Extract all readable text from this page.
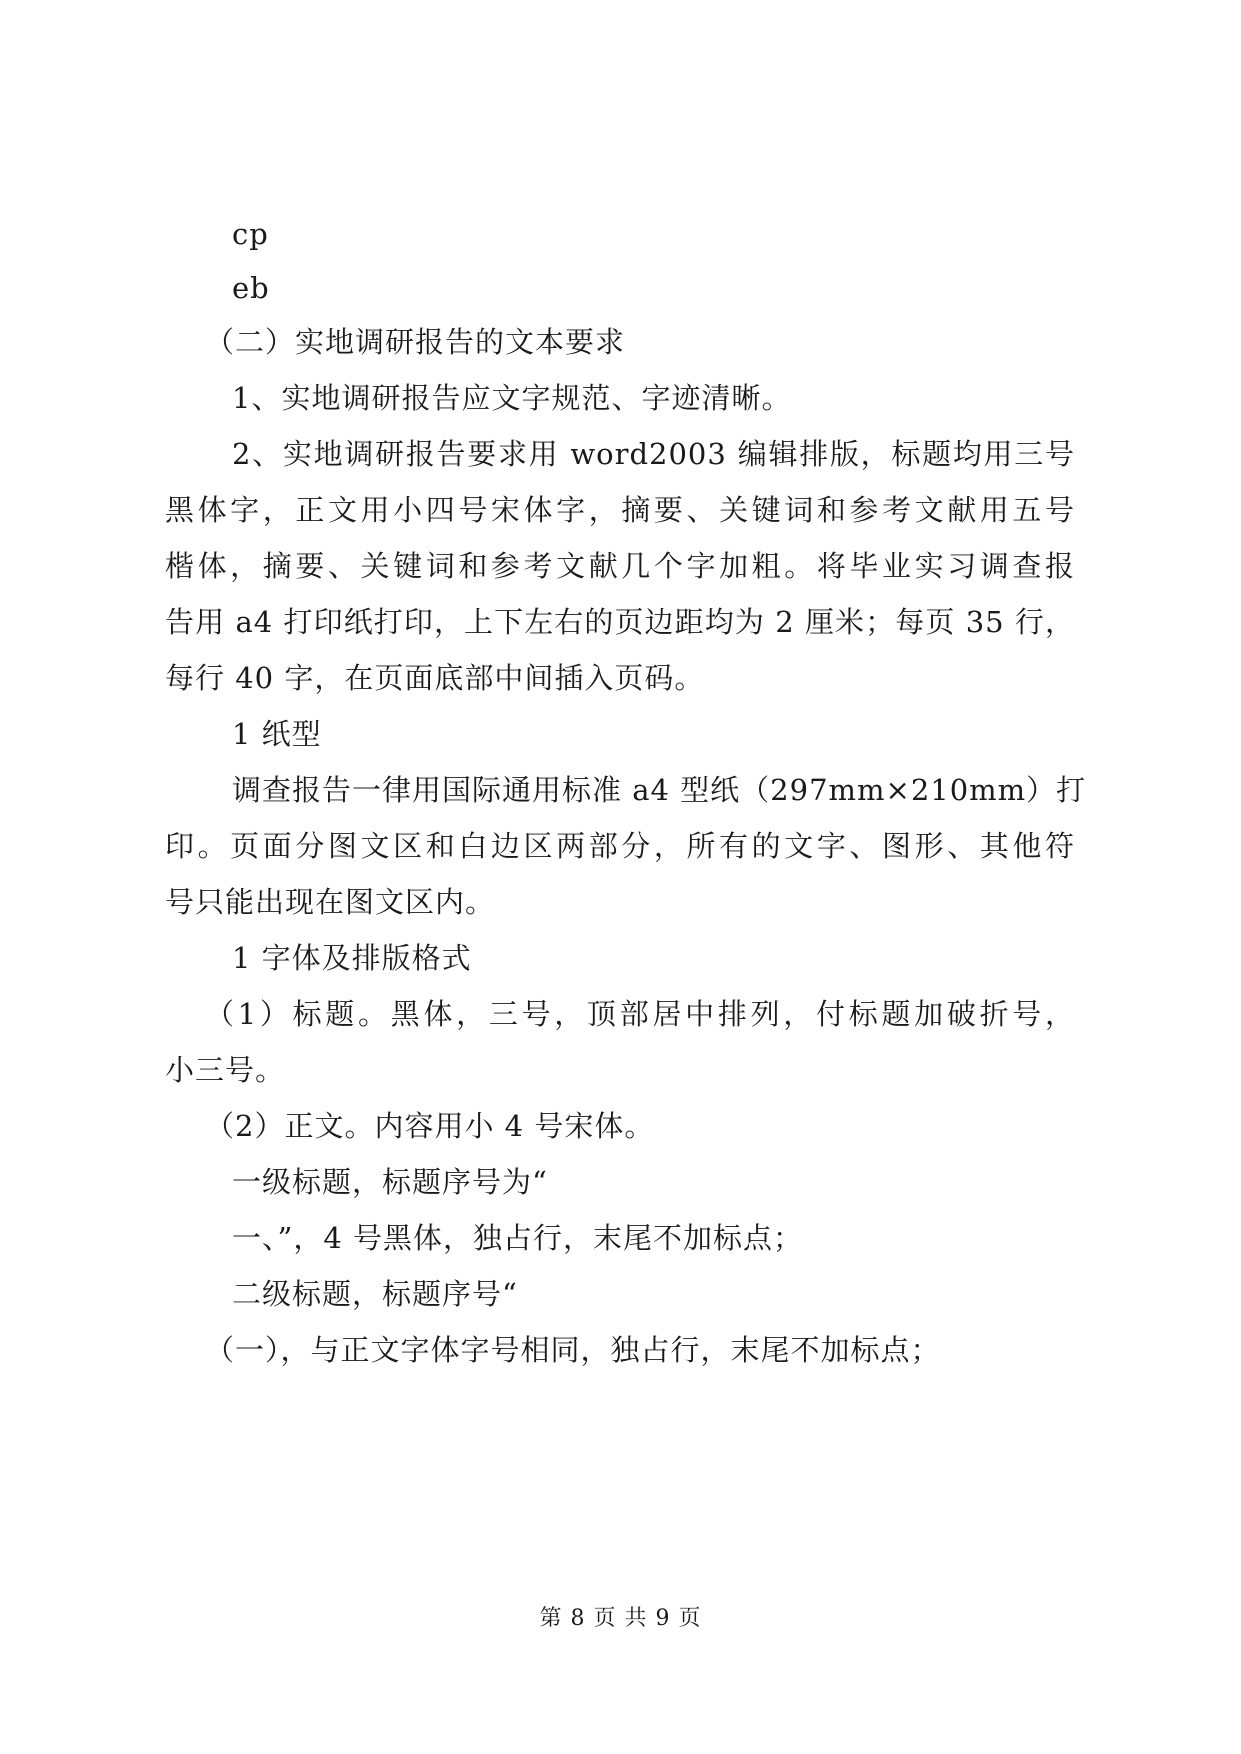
cp

eb

（二）实地调研报告的文本要求

1、实地调研报告应文字规范、字迹清晰。

2、实地调研报告要求用 word2003 编辑排版，标题均用三号

黑体字，正文用小四号宋体字，摘要、关键词和参考文献用五号

楷体，摘要、关键词和参考文献几个字加粗。将毕业实习调查报

告用 a4 打印纸打印，上下左右的页边距均为 2 厘米；每页 35 行，

每行 40 字，在页面底部中间插入页码。

1 纸型

调查报告一律用国际通用标准 a4 型纸（297mm×210mm）打

印。页面分图文区和白边区两部分，所有的文字、图形、其他符

号只能出现在图文区内。

1 字体及排版格式

（1）标题。黑体，三号，顶部居中排列，付标题加破折号，

小三号。

（2）正文。内容用小 4 号宋体。

一级标题，标题序号为“

一、”，4 号黑体，独占行，末尾不加标点；

二级标题，标题序号“

（一），与正文字体字号相同，独占行，末尾不加标点；

第 8 页 共 9 页
